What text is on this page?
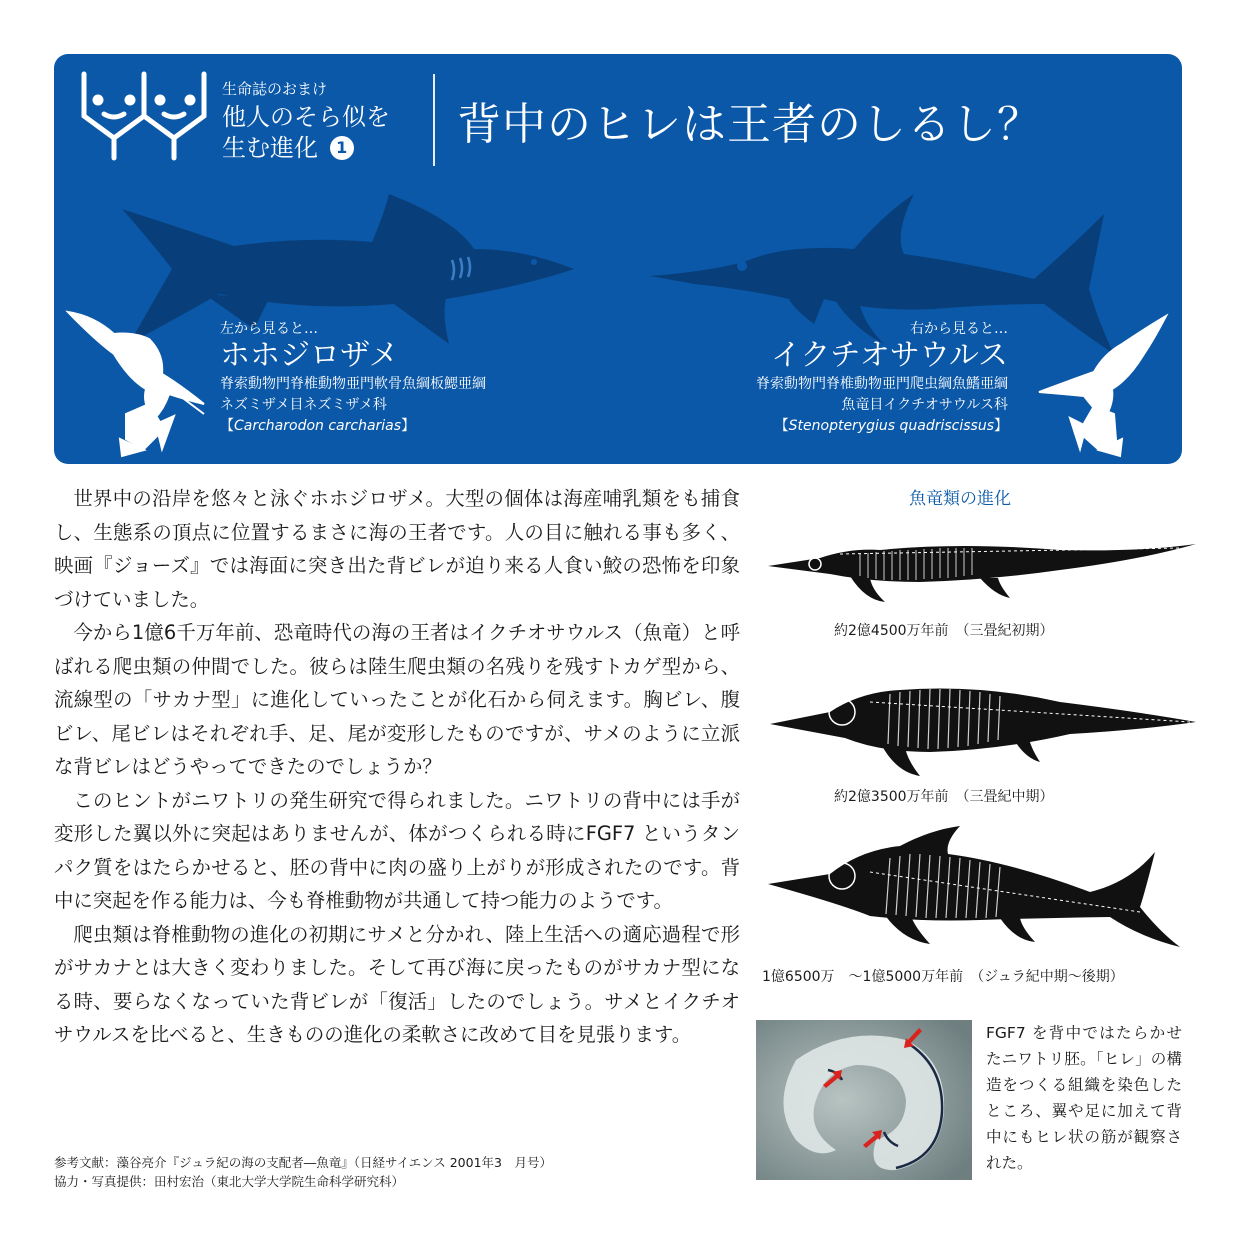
生命誌のおまけ
他人のそら似を
生む進化 1	背中のヒレは王者のしるし？
左から見ると…
ホホジロザメ
脊索動物門脊椎動物亜門軟骨魚綱板鰓亜綱
ネズミザメ目ネズミザメ科
【Carcharodon carcharias】
右から見ると…
イクチオサウルス
脊索動物門脊椎動物亜門爬虫綱魚鰭亜綱
魚竜目イクチオサウルス科
【Stenopterygius quadriscissus】

世界中の沿岸を悠々と泳ぐホホジロザメ。大型の個体は海産哺乳類をも捕食し、生態系の頂点に位置するまさに海の王者です。人の目に触れる事も多く、映画『ジョーズ』では海面に突き出た背ビレが迫り来る人食い鮫の恐怖を印象づけていました。

今から1億6千万年前、恐竜時代の海の王者はイクチオサウルス（魚竜）と呼ばれる爬虫類の仲間でした。彼らは陸生爬虫類の名残りを残すトカゲ型から、流線型の「サカナ型」に進化していったことが化石から伺えます。胸ビレ、腹ビレ、尾ビレはそれぞれ手、足、尾が変形したものですが、サメのように立派な背ビレはどうやってできたのでしょうか？

このヒントがニワトリの発生研究で得られました。ニワトリの背中には手が変形した翼以外に突起はありませんが、体がつくられる時にFGF7 というタンパク質をはたらかせると、胚の背中に肉の盛り上がりが形成されたのです。背中に突起を作る能力は、今も脊椎動物が共通して持つ能力のようです。

爬虫類は脊椎動物の進化の初期にサメと分かれ、陸上生活への適応過程で形がサカナとは大きく変わりました。そして再び海に戻ったものがサカナ型になる時、要らなくなっていた背ビレが「復活」したのでしょう。サメとイクチオサウルスを比べると、生きものの進化の柔軟さに改めて目を見張ります。

参考文献：藻谷亮介『ジュラ紀の海の支配者―魚竜』（日経サイエンス 2001年3　月号）
協力・写真提供：田村宏治（東北大学大学院生命科学研究科）
魚竜類の進化
約2億4500万年前　（三畳紀初期）
約2億3500万年前　（三畳紀中期）
1億6500万　〜1億5000万年前　（ジュラ紀中期〜後期）
FGF7 を背中ではたらかせたニワトリ胚。「ヒレ」の構造をつくる組織を染色したところ、翼や足に加えて背中にもヒレ状の筋が観察された。
